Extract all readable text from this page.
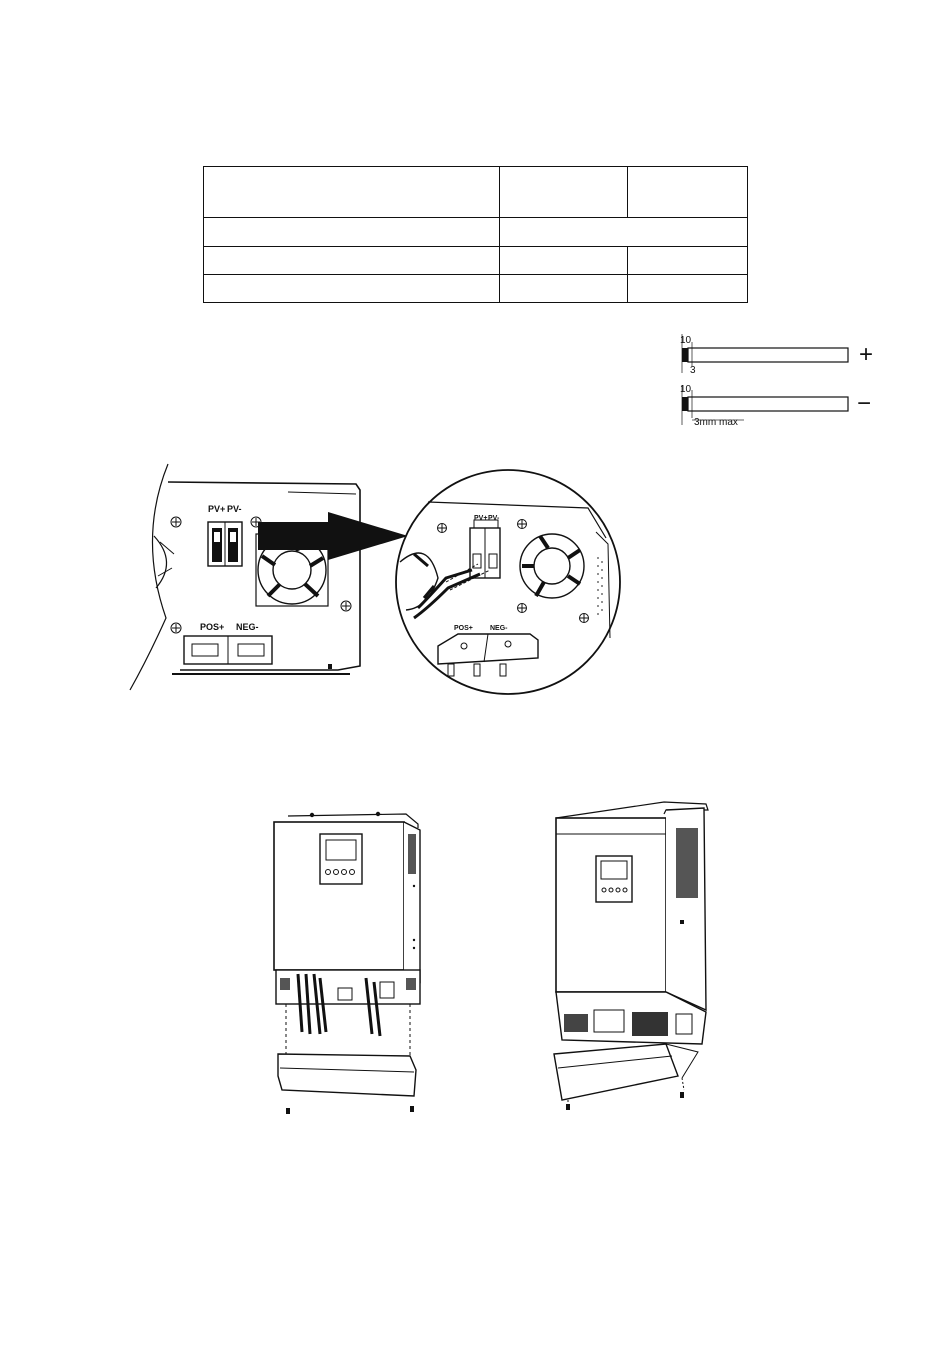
10
3
+
10
3mm max
−
PV+ PV-
POS+ NEG-
PV+ PV-
POS+ NEG-
